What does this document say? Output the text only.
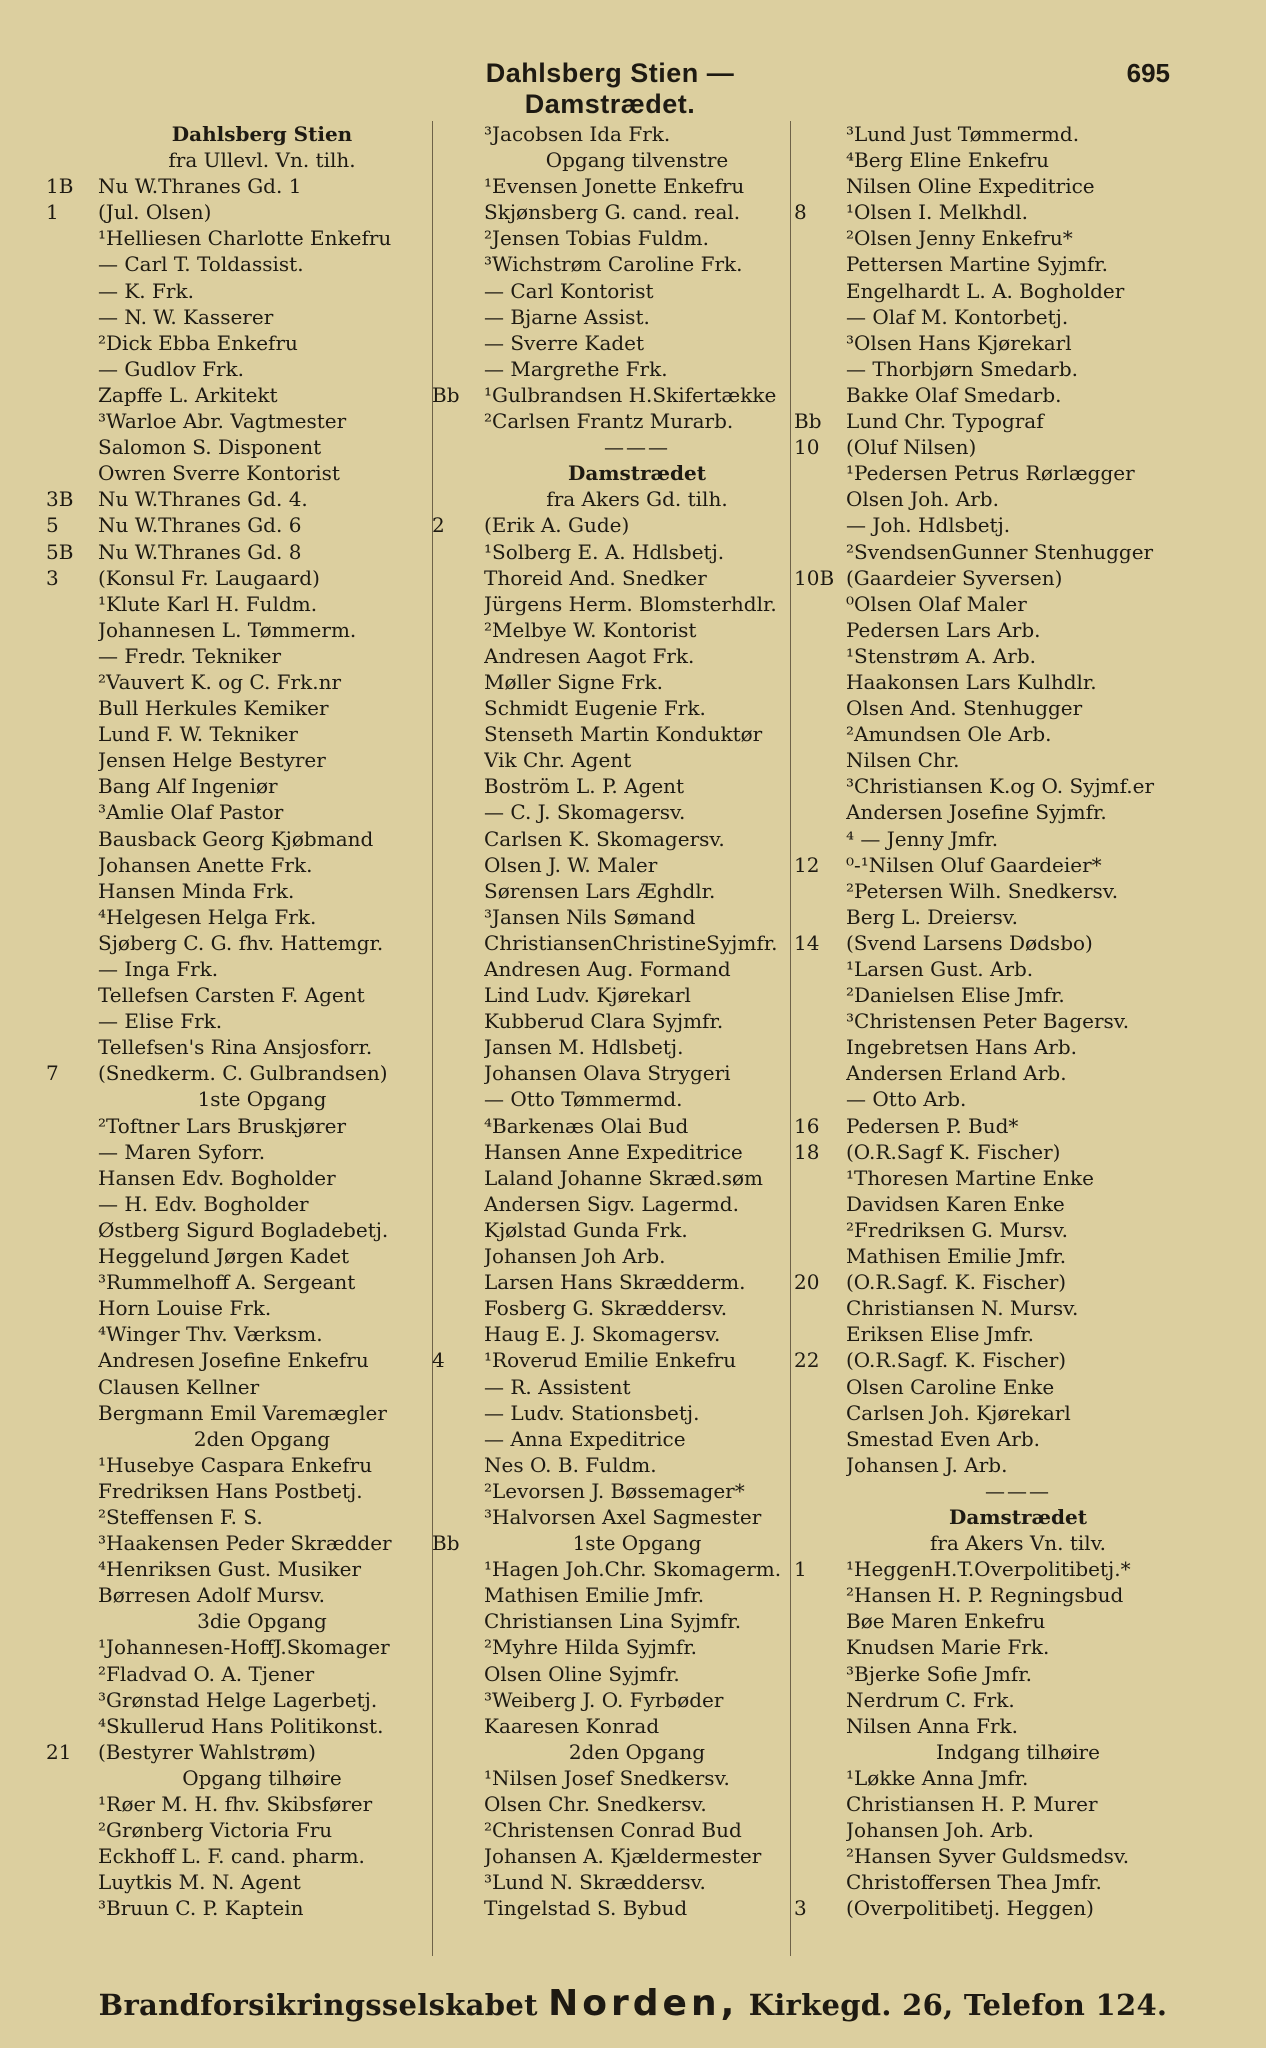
Dahlsberg Stien — Damstrædet.
695
Dahlsberg Stien
fra Ullevl. Vn. tilh.
1B	Nu W.Thranes Gd. 1
1	(Jul. Olsen)
¹Helliesen Charlotte Enkefru
— Carl T. Toldassist.
— K. Frk.
— N. W. Kasserer
²Dick Ebba Enkefru
— Gudlov Frk.
Zapffe L. Arkitekt
³Warloe Abr. Vagtmester
Salomon S. Disponent
Owren Sverre Kontorist
3B	Nu W.Thranes Gd. 4.
5	Nu W.Thranes Gd. 6
5B	Nu W.Thranes Gd. 8
3	(Konsul Fr. Laugaard)
¹Klute Karl H. Fuldm.
Johannesen L. Tømmerm.
— Fredr. Tekniker
²Vauvert K. og C. Frk.nr
Bull Herkules Kemiker
Lund F. W. Tekniker
Jensen Helge Bestyrer
Bang Alf Ingeniør
³Amlie Olaf Pastor
Bausback Georg Kjøbmand
Johansen Anette Frk.
Hansen Minda Frk.
⁴Helgesen Helga Frk.
Sjøberg C. G. fhv. Hattemgr.
— Inga Frk.
Tellefsen Carsten F. Agent
— Elise Frk.
Tellefsen's Rina Ansjosforr.
7	(Snedkerm. C. Gulbrandsen)
1ste Opgang
²Toftner Lars Bruskjører
— Maren Syforr.
Hansen Edv. Bogholder
— H. Edv. Bogholder
Østberg Sigurd Bogladebetj.
Heggelund Jørgen Kadet
³Rummelhoff A. Sergeant
Horn Louise Frk.
⁴Winger Thv. Værksm.
Andresen Josefine Enkefru
Clausen Kellner
Bergmann Emil Varemægler
2den Opgang
¹Husebye Caspara Enkefru
Fredriksen Hans Postbetj.
²Steffensen F. S.
³Haakensen Peder Skrædder
⁴Henriksen Gust. Musiker
Børresen Adolf Mursv.
3die Opgang
¹Johannesen-HoffJ.Skomager
²Fladvad O. A. Tjener
³Grønstad Helge Lagerbetj.
⁴Skullerud Hans Politikonst.
21	(Bestyrer Wahlstrøm)
Opgang tilhøire
¹Røer M. H. fhv. Skibsfører
²Grønberg Victoria Fru
Eckhoff L. F. cand. pharm.
Luytkis M. N. Agent
³Bruun C. P. Kaptein
³Jacobsen Ida Frk.
Opgang tilvenstre
¹Evensen Jonette Enkefru
Skjønsberg G. cand. real.
²Jensen Tobias Fuldm.
³Wichstrøm Caroline Frk.
— Carl Kontorist
— Bjarne Assist.
— Sverre Kadet
— Margrethe Frk.
Bb	¹Gulbrandsen H.Skifertække
²Carlsen Frantz Murarb.
———
Damstrædet
fra Akers Gd. tilh.
2	(Erik A. Gude)
¹Solberg E. A. Hdlsbetj.
Thoreid And. Snedker
Jürgens Herm. Blomsterhdlr.
²Melbye W. Kontorist
Andresen Aagot Frk.
Møller Signe Frk.
Schmidt Eugenie Frk.
Stenseth Martin Konduktør
Vik Chr. Agent
Boström L. P. Agent
— C. J. Skomagersv.
Carlsen K. Skomagersv.
Olsen J. W. Maler
Sørensen Lars Æghdlr.
³Jansen Nils Sømand
ChristiansenChristineSyjmfr.
Andresen Aug. Formand
Lind Ludv. Kjørekarl
Kubberud Clara Syjmfr.
Jansen M. Hdlsbetj.
Johansen Olava Strygeri
— Otto Tømmermd.
⁴Barkenæs Olai Bud
Hansen Anne Expeditrice
Laland Johanne Skræd.søm
Andersen Sigv. Lagermd.
Kjølstad Gunda Frk.
Johansen Joh Arb.
Larsen Hans Skrædderm.
Fosberg G. Skræddersv.
Haug E. J. Skomagersv.
4	¹Roverud Emilie Enkefru
— R. Assistent
— Ludv. Stationsbetj.
— Anna Expeditrice
Nes O. B. Fuldm.
²Levorsen J. Bøssemager*
³Halvorsen Axel Sagmester
Bb	1ste Opgang
¹Hagen Joh.Chr. Skomagerm.
Mathisen Emilie Jmfr.
Christiansen Lina Syjmfr.
²Myhre Hilda Syjmfr.
Olsen Oline Syjmfr.
³Weiberg J. O. Fyrbøder
Kaaresen Konrad
2den Opgang
¹Nilsen Josef Snedkersv.
Olsen Chr. Snedkersv.
²Christensen Conrad Bud
Johansen A. Kjældermester
³Lund N. Skræddersv.
Tingelstad S. Bybud
³Lund Just Tømmermd.
⁴Berg Eline Enkefru
Nilsen Oline Expeditrice
8	¹Olsen I. Melkhdl.
²Olsen Jenny Enkefru*
Pettersen Martine Syjmfr.
Engelhardt L. A. Bogholder
— Olaf M. Kontorbetj.
³Olsen Hans Kjørekarl
— Thorbjørn Smedarb.
Bakke Olaf Smedarb.
Bb	Lund Chr. Typograf
10	(Oluf Nilsen)
¹Pedersen Petrus Rørlægger
Olsen Joh. Arb.
— Joh. Hdlsbetj.
²SvendsenGunner Stenhugger
10B (Gaardeier Syversen)
⁰Olsen Olaf Maler
Pedersen Lars Arb.
¹Stenstrøm A. Arb.
Haakonsen Lars Kulhdlr.
Olsen And. Stenhugger
²Amundsen Ole Arb.
Nilsen Chr.
³Christiansen K.og O. Syjmf.er
Andersen Josefine Syjmfr.
⁴ — Jenny Jmfr.
12	⁰-¹Nilsen Oluf Gaardeier*
²Petersen Wilh. Snedkersv.
Berg L. Dreiersv.
14	(Svend Larsens Dødsbo)
¹Larsen Gust. Arb.
²Danielsen Elise Jmfr.
³Christensen Peter Bagersv.
Ingebretsen Hans Arb.
Andersen Erland Arb.
— Otto Arb.
16	Pedersen P. Bud*
18	(O.R.Sagf K. Fischer)
¹Thoresen Martine Enke
Davidsen Karen Enke
²Fredriksen G. Mursv.
Mathisen Emilie Jmfr.
20	(O.R.Sagf. K. Fischer)
Christiansen N. Mursv.
Eriksen Elise Jmfr.
22	(O.R.Sagf. K. Fischer)
Olsen Caroline Enke
Carlsen Joh. Kjørekarl
Smestad Even Arb.
Johansen J. Arb.
———
Damstrædet
fra Akers Vn. tilv.
1	¹HeggenH.T.Overpolitibetj.*
²Hansen H. P. Regningsbud
Bøe Maren Enkefru
Knudsen Marie Frk.
³Bjerke Sofie Jmfr.
Nerdrum C. Frk.
Nilsen Anna Frk.
Indgang tilhøire
¹Løkke Anna Jmfr.
Christiansen H. P. Murer
Johansen Joh. Arb.
²Hansen Syver Guldsmedsv.
Christoffersen Thea Jmfr.
3	(Overpolitibetj. Heggen)
Brandforsikringsselskabet Norden, Kirkegd. 26, Telefon 124.
